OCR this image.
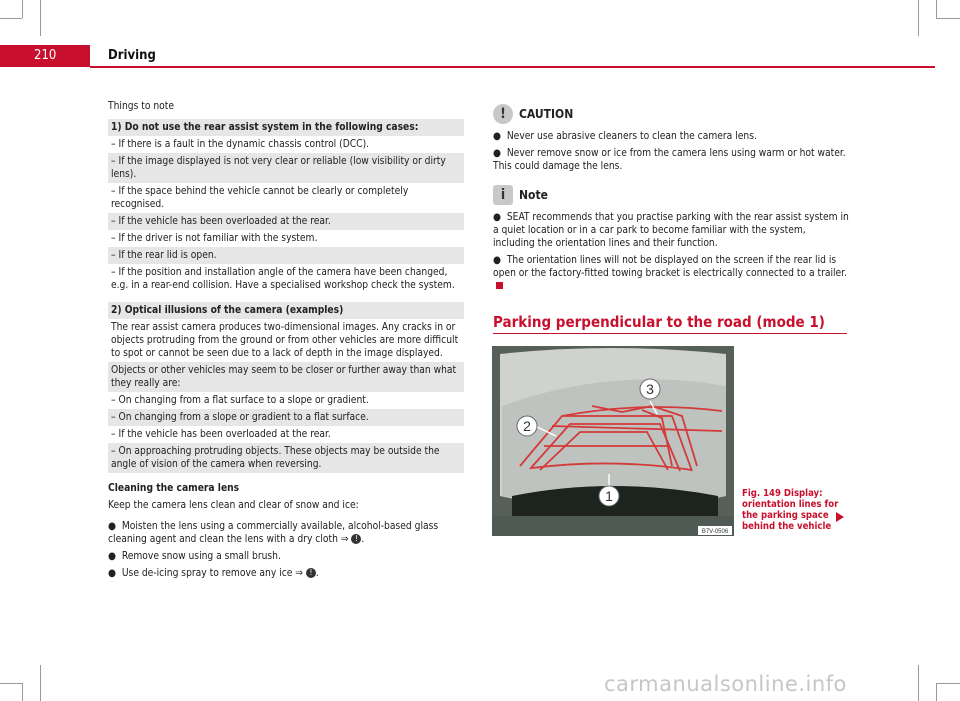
210	Driving

Things to note

1) Do not use the rear assist system in the following cases:
– If there is a fault in the dynamic chassis control (DCC).
– If the image displayed is not very clear or reliable (low visibility or dirty lens).
– If the space behind the vehicle cannot be clearly or completely recognised.
– If the vehicle has been overloaded at the rear.
– If the driver is not familiar with the system.
– If the rear lid is open.
– If the position and installation angle of the camera have been changed, e.g. in a rear-end collision. Have a specialised workshop check the system.
2) Optical illusions of the camera (examples)
The rear assist camera produces two-dimensional images. Any cracks in or objects protruding from the ground or from other vehicles are more difficult to spot or cannot be seen due to a lack of depth in the image displayed.
Objects or other vehicles may seem to be closer or further away than what they really are:
– On changing from a flat surface to a slope or gradient.
– On changing from a slope or gradient to a flat surface.
– If the vehicle has been overloaded at the rear.
– On approaching protruding objects. These objects may be outside the angle of vision of the camera when reversing.

Cleaning the camera lens

Keep the camera lens clean and clear of snow and ice:

● Moisten the lens using a commercially available, alcohol-based glass cleaning agent and clean the lens with a dry cloth ⇒ ! .

● Remove snow using a small brush.

● Use de-icing spray to remove any ice ⇒ ! .

!	CAUTION

● Never use abrasive cleaners to clean the camera lens.

● Never remove snow or ice from the camera lens using warm or hot water. This could damage the lens.

i	Note

● SEAT recommends that you practise parking with the rear assist system in a quiet location or in a car park to become familiar with the system, including the orientation lines and their function.

● The orientation lines will not be displayed on the screen if the rear lid is open or the factory-fitted towing bracket is electrically connected to a trailer.

Parking perpendicular to the road (mode 1)
3
2
1
B7V-0506
Fig. 149 Display: orientation lines for the parking space behind the vehicle
carmanualsonline.info
